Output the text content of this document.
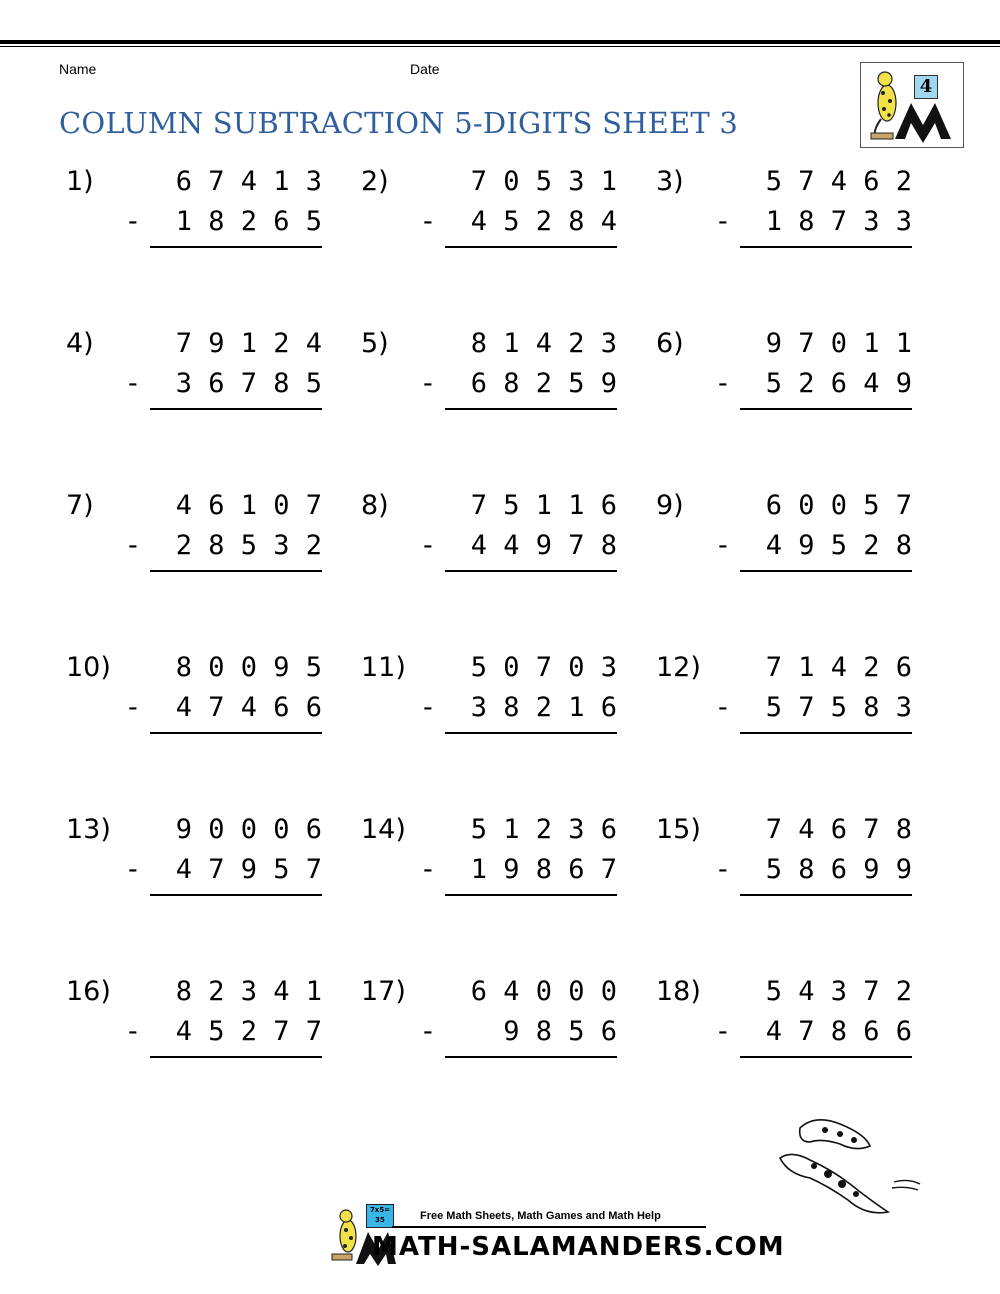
Name	Date
COLUMN SUBTRACTION 5-DIGITS SHEET 3
4
1)	6 7 4 1 3
-	1 8 2 6 5
2)	7 0 5 3 1
-	4 5 2 8 4
3)	5 7 4 6 2
-	1 8 7 3 3
4)	7 9 1 2 4
-	3 6 7 8 5
5)	8 1 4 2 3
-	6 8 2 5 9
6)	9 7 0 1 1
-	5 2 6 4 9
7)	4 6 1 0 7
-	2 8 5 3 2
8)	7 5 1 1 6
-	4 4 9 7 8
9)	6 0 0 5 7
-	4 9 5 2 8
10)	8 0 0 9 5
-	4 7 4 6 6
11)	5 0 7 0 3
-	3 8 2 1 6
12)	7 1 4 2 6
-	5 7 5 8 3
13)	9 0 0 0 6
-	4 7 9 5 7
14)	5 1 2 3 6
-	1 9 8 6 7
15)	7 4 6 7 8
-	5 8 6 9 9
16)	8 2 3 4 1
-	4 5 2 7 7
17)	6 4 0 0 0
-	9 8 5 6
18)	5 4 3 7 2
-	4 7 8 6 6
7x5=
35	Free Math Sheets, Math Games and Math Help
MATH-SALAMANDERS.COM
